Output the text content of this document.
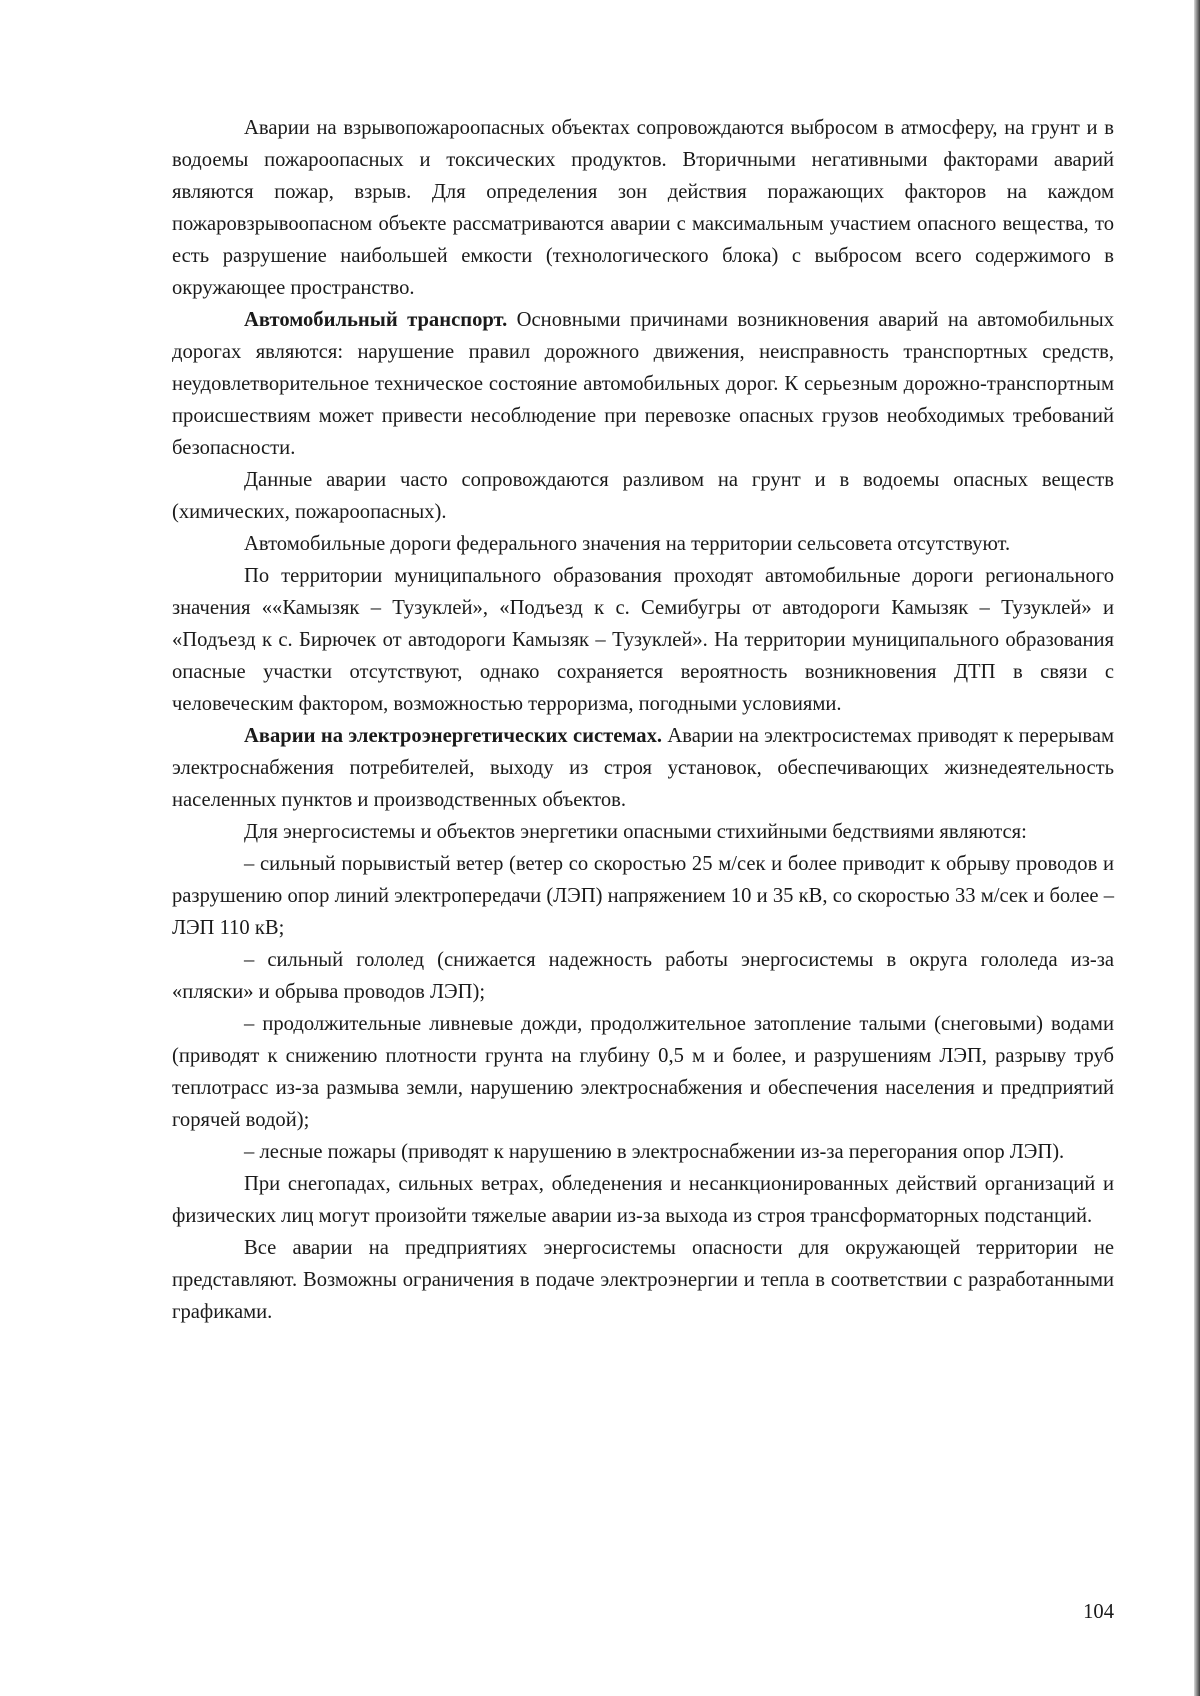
Аварии на взрывопожароопасных объектах сопровождаются выбросом в атмосферу, на грунт и в водоемы пожароопасных и токсических продуктов. Вторичными негативными факторами аварий являются пожар, взрыв. Для определения зон действия поражающих факторов на каждом пожаровзрывоопасном объекте рассматриваются аварии с максимальным участием опасного вещества, то есть разрушение наибольшей емкости (технологического блока) с выбросом всего содержимого в окружающее пространство.

Автомобильный транспорт. Основными причинами возникновения аварий на автомобильных дорогах являются: нарушение правил дорожного движения, неисправность транспортных средств, неудовлетворительное техническое состояние автомобильных дорог. К серьезным дорожно-транспортным происшествиям может привести несоблюдение при перевозке опасных грузов необходимых требований безопасности.

Данные аварии часто сопровождаются разливом на грунт и в водоемы опасных веществ (химических, пожароопасных).

Автомобильные дороги федерального значения на территории сельсовета отсутствуют.

По территории муниципального образования проходят автомобильные дороги регионального значения ««Камызяк – Тузуклей», «Подъезд к с. Семибугры от автодороги Камызяк – Тузуклей» и «Подъезд к с. Бирючек от автодороги Камызяк – Тузуклей». На территории муниципального образования опасные участки отсутствуют, однако сохраняется вероятность возникновения ДТП в связи с человеческим фактором, возможностью терроризма, погодными условиями.

Аварии на электроэнергетических системах. Аварии на электросистемах приводят к перерывам электроснабжения потребителей, выходу из строя установок, обеспечивающих жизнедеятельность населенных пунктов и производственных объектов.

Для энергосистемы и объектов энергетики опасными стихийными бедствиями являются:

– сильный порывистый ветер (ветер со скоростью 25 м/сек и более приводит к обрыву проводов и разрушению опор линий электропередачи (ЛЭП) напряжением 10 и 35 кВ, со скоростью 33 м/сек и более – ЛЭП 110 кВ;

– сильный гололед (снижается надежность работы энергосистемы в округа гололеда из-за «пляски» и обрыва проводов ЛЭП);

– продолжительные ливневые дожди, продолжительное затопление талыми (снеговыми) водами (приводят к снижению плотности грунта на глубину 0,5 м и более, и разрушениям ЛЭП, разрыву труб теплотрасс из-за размыва земли, нарушению электроснабжения и обеспечения населения и предприятий горячей водой);

– лесные пожары (приводят к нарушению в электроснабжении из-за перегорания опор ЛЭП).

При снегопадах, сильных ветрах, обледенения и несанкционированных действий организаций и физических лиц могут произойти тяжелые аварии из-за выхода из строя трансформаторных подстанций.

Все аварии на предприятиях энергосистемы опасности для окружающей территории не представляют. Возможны ограничения в подаче электроэнергии и тепла в соответствии с разработанными графиками.

104
